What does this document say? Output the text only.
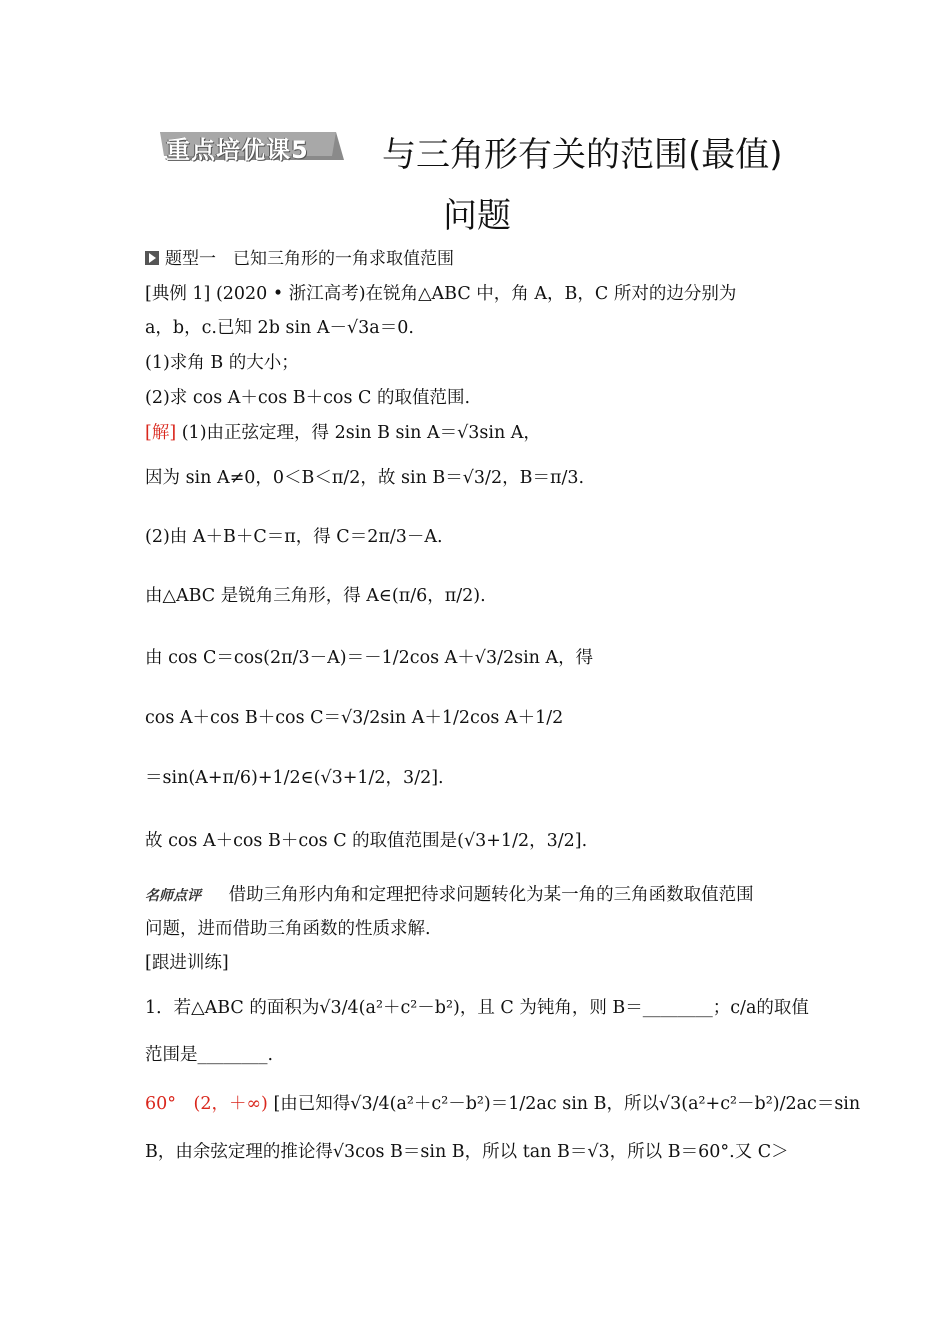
重点培优课5 与三角形有关的范围(最值)
问题
题型一　已知三角形的一角求取值范围
[典例 1] (2020 • 浙江高考)在锐角△ABC 中，角 A，B，C 所对的边分别为
a，b，c.已知 2b sin A－√3a＝0.
(1)求角 B 的大小；
(2)求 cos A＋cos B＋cos C 的取值范围.
[解] (1)由正弦定理，得 2sin B sin A＝√3sin A，
因为 sin A≠0，0＜B＜π/2，故 sin B＝√3/2，B＝π/3.
(2)由 A＋B＋C＝π，得 C＝2π/3－A.
由△ABC 是锐角三角形，得 A∈(π/6，π/2).
由 cos C＝cos(2π/3－A)＝－1/2cos A＋√3/2sin A，得
cos A＋cos B＋cos C＝√3/2sin A＋1/2cos A＋1/2
＝sin(A+π/6)+1/2∈(√3+1/2，3/2].
故 cos A＋cos B＋cos C 的取值范围是(√3+1/2，3/2].
名师点评 借助三角形内角和定理把待求问题转化为某一角的三角函数取值范围
问题，进而借助三角函数的性质求解.
[跟进训练]
1．若△ABC 的面积为√3/4(a²＋c²－b²)，且 C 为钝角，则 B＝________；c/a的取值
范围是________.
60°　(2，＋∞) [由已知得√3/4(a²＋c²－b²)＝1/2ac sin B，所以√3(a²+c²－b²)/2ac＝sin
B，由余弦定理的推论得√3cos B＝sin B，所以 tan B＝√3，所以 B＝60°.又 C＞
